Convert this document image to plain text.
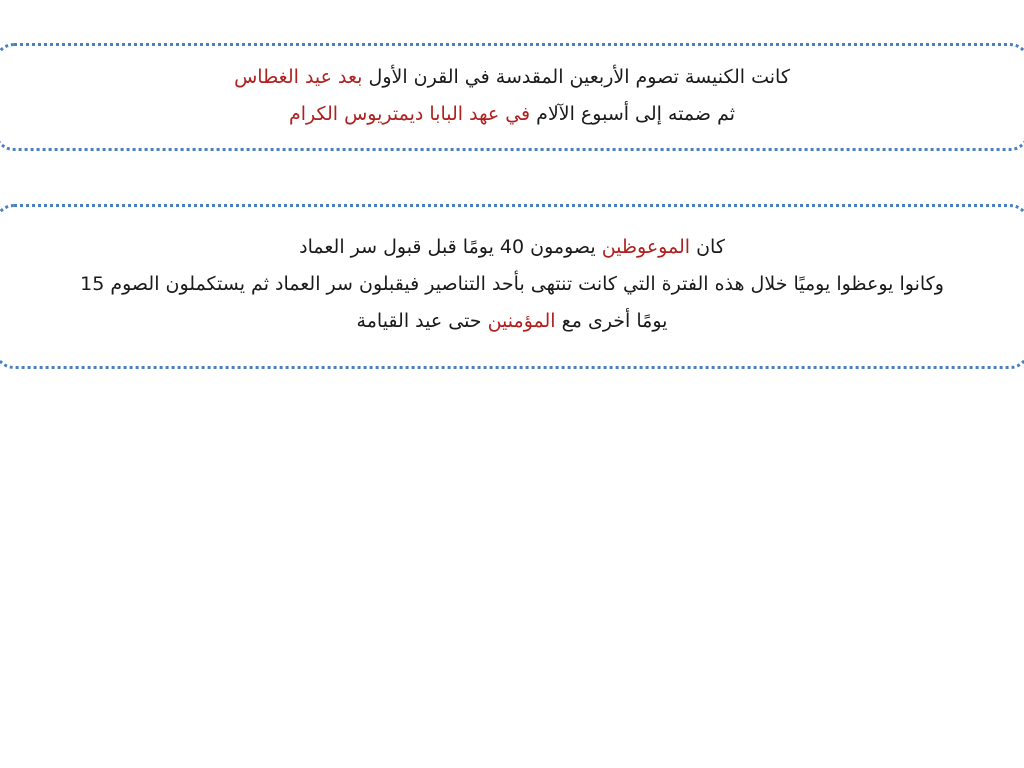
كانت الكنيسة تصوم الأربعين المقدسة في القرن الأول بعد عيد الغطاس
ثم ضمته إلى أسبوع الآلام في عهد البابا ديمتريوس الكرام
كان الموعوظين يصومون 40 يومًا قبل قبول سر العماد
وكانوا يوعظوا يوميًا خلال هذه الفترة التي كانت تنتهى بأحد التناصير فيقبلون سر العماد ثم يستكملون الصوم 15
يومًا أخرى مع المؤمنين حتى عيد القيامة
